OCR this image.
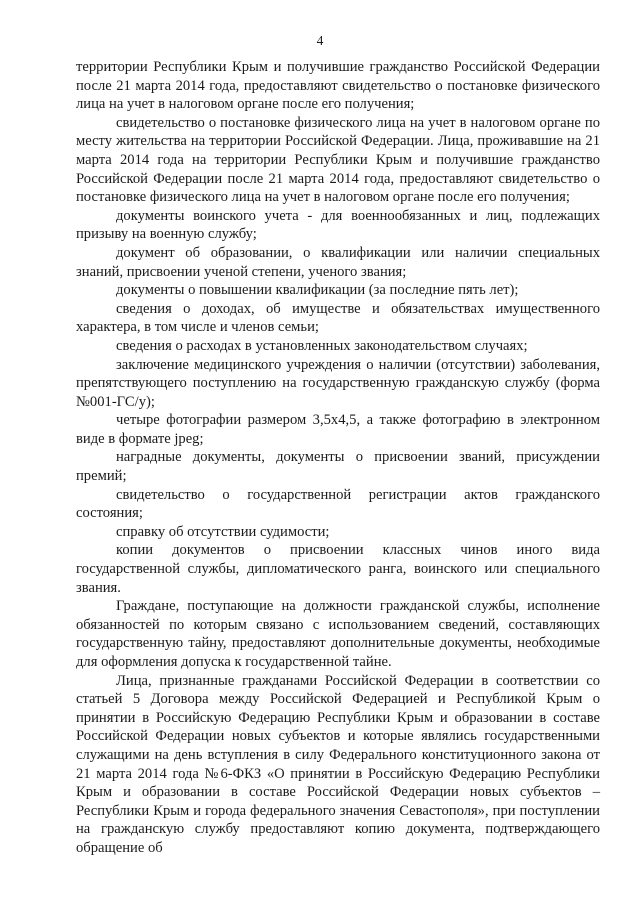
4

территории Республики Крым и получившие гражданство Российской Федерации после 21 марта 2014 года, предоставляют свидетельство о постановке физического лица на учет в налоговом органе после его получения;

свидетельство о постановке физического лица на учет в налоговом органе по месту жительства на территории Российской Федерации. Лица, проживавшие на 21 марта 2014 года на территории Республики Крым и получившие гражданство Российской Федерации после 21 марта 2014 года, предоставляют свидетельство о постановке физического лица на учет в налоговом органе после его получения;

документы воинского учета - для военнообязанных и лиц, подлежащих призыву на военную службу;

документ об образовании, о квалификации или наличии специальных знаний, присвоении ученой степени, ученого звания;

документы о повышении квалификации (за последние пять лет);

сведения о доходах, об имуществе и обязательствах имущественного характера, в том числе и членов семьи;

сведения о расходах в установленных законодательством случаях;

заключение медицинского учреждения о наличии (отсутствии) заболевания, препятствующего поступлению на государственную гражданскую службу (форма №001-ГС/у);

четыре фотографии размером 3,5х4,5, а также фотографию в электронном виде в формате jpeg;

наградные документы, документы о присвоении званий, присуждении премий;

свидетельство о государственной регистрации актов гражданского состояния;

справку об отсутствии судимости;

копии документов о присвоении классных чинов иного вида государственной службы, дипломатического ранга, воинского или специального звания.

Граждане, поступающие на должности гражданской службы, исполнение обязанностей по которым связано с использованием сведений, составляющих государственную тайну, предоставляют дополнительные документы, необходимые для оформления допуска к государственной тайне.

Лица, признанные гражданами Российской Федерации в соответствии со статьей 5 Договора между Российской Федерацией и Республикой Крым о принятии в Российскую Федерацию Республики Крым и образовании в составе Российской Федерации новых субъектов и которые являлись государственными служащими на день вступления в силу Федерального конституционного закона от 21 марта 2014 года №6-ФКЗ «О принятии в Российскую Федерацию Республики Крым и образовании в составе Российской Федерации новых субъектов – Республики Крым и города федерального значения Севастополя», при поступлении на гражданскую службу предоставляют копию документа, подтверждающего обращение об
